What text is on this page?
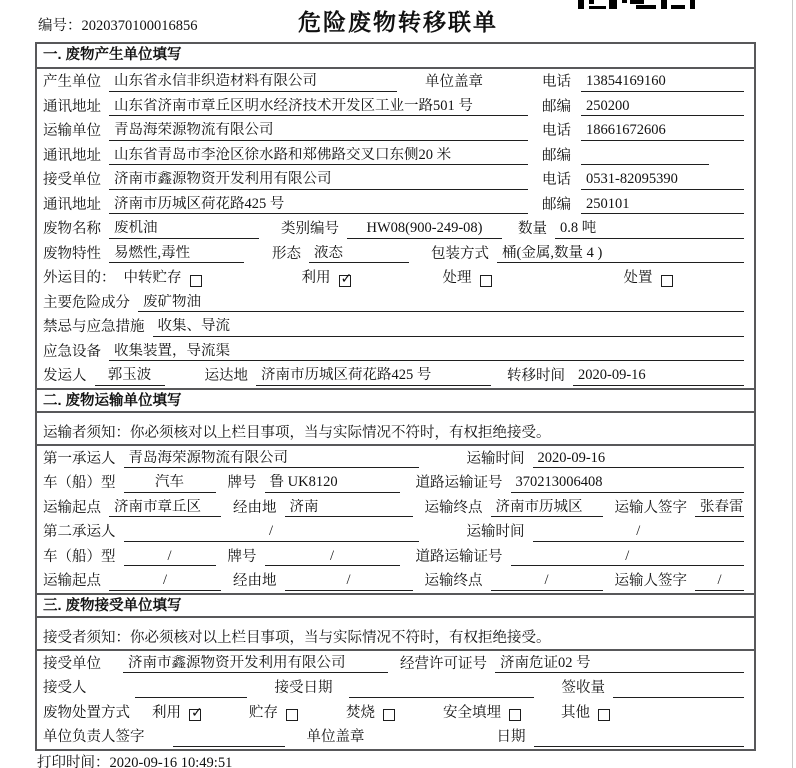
编号：2020370100016856	危险废物转移联单
一. 废物产生单位填写
产生单位 山东省永信非织造材料有限公司	单位盖章	电话	13854169160
通讯地址 山东省济南市章丘区明水经济技术开发区工业一路501 号	邮编	250200
运输单位 青岛海荣源物流有限公司	电话	18661672606
通讯地址 山东省青岛市李沧区徐水路和郑佛路交叉口东侧20 米	邮编
接受单位 济南市鑫源物资开发利用有限公司	电话	0531-82095390
通讯地址 济南市历城区荷花路425 号	邮编	250101
废物名称 废机油	类别编号	HW08(900-249-08)	数量 0.8 吨
废物特性 易燃性,毒性	形态 液态	包装方式 桶(金属,数量 4 )
外运目的： 中转贮存	利用 ✓	处理	处置
主要危险成分 废矿物油
禁忌与应急措施 收集、导流
应急设备 收集装置，导流渠
发运人	郭玉波	运达地 济南市历城区荷花路425 号	转移时间 2020-09-16
二. 废物运输单位填写
运输者须知：你必须核对以上栏目事项，当与实际情况不符时，有权拒绝接受。
第一承运人 青岛海荣源物流有限公司	运输时间 2020-09-16
车（船）型	汽车	牌号 鲁 UK8120	道路运输证号 370213006408
运输起点 济南市章丘区	经由地 济南	运输终点 济南市历城区	运输人签字 张春雷
第二承运人	/	运输时间	/
车（船）型	/	牌号	/	道路运输证号	/
运输起点	/	经由地	/	运输终点	/	运输人签字	/
三. 废物接受单位填写
接受者须知：你必须核对以上栏目事项，当与实际情况不符时，有权拒绝接受。
接受单位	济南市鑫源物资开发利用有限公司	经营许可证号 济南危证02 号
接受人	接受日期	签收量
废物处置方式 利用 ✓	贮存	焚烧	安全填埋	其他
单位负责人签字	单位盖章	日期
打印时间：2020-09-16 10:49:51
